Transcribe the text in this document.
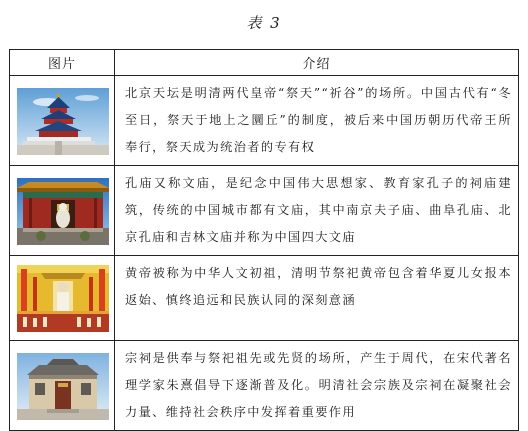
表 3
图片	介绍

	北京天坛是明清两代皇帝“祭天”“祈谷”的场所。中国古代有“冬至日，祭天于地上之圜丘”的制度，被后来中国历朝历代帝王所奉行，祭天成为统治者的专有权

	孔庙又称文庙，是纪念中国伟大思想家、教育家孔子的祠庙建筑，传统的中国城市都有文庙，其中南京夫子庙、曲阜孔庙、北京孔庙和吉林文庙并称为中国四大文庙

	黄帝被称为中华人文初祖，清明节祭祀黄帝包含着华夏儿女报本返始、慎终追远和民族认同的深刻意涵

	宗祠是供奉与祭祀祖先或先贤的场所，产生于周代，在宋代著名理学家朱熹倡导下逐渐普及化。明清社会宗族及宗祠在凝聚社会力量、维持社会秩序中发挥着重要作用
